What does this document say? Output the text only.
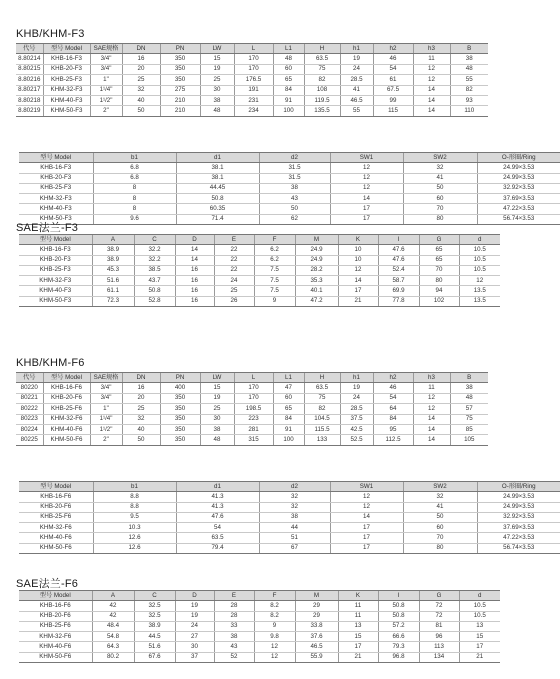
KHB/KHM-F3
代号	型号 Model	SAE规格	DN	PN	LW	L	L1	H	h1	h2	h3	B
8.80214	KHB-16-F3	3/4"	16	350	15	170	48	63.5	19	46	11	38
8.80215	KHB-20-F3	3/4"	20	350	19	170	60	75	24	54	12	48
8.80216	KHB-25-F3	1"	25	350	25	176.5	65	82	28.5	61	12	55
8.80217	KHM-32-F3	1¹/4"	32	275	30	191	84	108	41	67.5	14	82
8.80218	KHM-40-F3	1¹/2"	40	210	38	231	91	119.5	46.5	99	14	93
8.80219	KHM-50-F3	2"	50	210	48	234	100	135.5	55	115	14	110
型号 Model	b1	d1	d2	SW1	SW2	O-形圈/Ring
KHB-16-F3	6.8	38.1	31.5	12	32	24.99×3.53
KHB-20-F3	6.8	38.1	31.5	12	41	24.99×3.53
KHB-25-F3	8	44.45	38	12	50	32.92×3.53
KHM-32-F3	8	50.8	43	14	60	37.69×3.53
KHM-40-F3	8	60.35	50	17	70	47.22×3.53
KHM-50-F3	9.6	71.4	62	17	80	56.74×3.53
SAE法兰-F3
型号 Model	A	C	D	E	F	M	K	I	G	d
KHB-16-F3	38.9	32.2	14	22	6.2	24.9	10	47.6	65	10.5
KHB-20-F3	38.9	32.2	14	22	6.2	24.9	10	47.6	65	10.5
KHB-25-F3	45.3	38.5	16	22	7.5	28.2	12	52.4	70	10.5
KHM-32-F3	51.6	43.7	16	24	7.5	35.3	14	58.7	80	12
KHM-40-F3	61.1	50.8	16	25	7.5	40.1	17	69.9	94	13.5
KHM-50-F3	72.3	52.8	16	26	9	47.2	21	77.8	102	13.5
KHB/KHM-F6
代号	型号 Model	SAE规格	DN	PN	LW	L	L1	H	h1	h2	h3	B
80220	KHB-16-F6	3/4"	16	400	15	170	47	63.5	19	46	11	38
80221	KHB-20-F6	3/4"	20	350	19	170	60	75	24	54	12	48
80222	KHB-25-F6	1"	25	350	25	198.5	65	82	28.5	64	12	57
80223	KHM-32-F6	1¹/4"	32	350	30	223	84	104.5	37.5	84	14	75
80224	KHM-40-F6	1¹/2"	40	350	38	281	91	115.5	42.5	95	14	85
80225	KHM-50-F6	2"	50	350	48	315	100	133	52.5	112.5	14	105
型号 Model	b1	d1	d2	SW1	SW2	O-形圈/Ring
KHB-16-F6	8.8	41.3	32	12	32	24.99×3.53
KHB-20-F6	8.8	41.3	32	12	41	24.99×3.53
KHB-25-F6	9.5	47.6	38	14	50	32.92×3.53
KHM-32-F6	10.3	54	44	17	60	37.69×3.53
KHM-40-F6	12.6	63.5	51	17	70	47.22×3.53
KHM-50-F6	12.6	79.4	67	17	80	56.74×3.53
SAE法兰-F6
型号 Model	A	C	D	E	F	M	K	I	G	d
KHB-16-F6	42	32.5	19	28	8.2	29	11	50.8	72	10.5
KHB-20-F6	42	32.5	19	28	8.2	29	11	50.8	72	10.5
KHB-25-F6	48.4	38.9	24	33	9	33.8	13	57.2	81	13
KHM-32-F6	54.8	44.5	27	38	9.8	37.6	15	66.6	96	15
KHM-40-F6	64.3	51.6	30	43	12	46.5	17	79.3	113	17
KHM-50-F6	80.2	67.6	37	52	12	55.9	21	96.8	134	21
